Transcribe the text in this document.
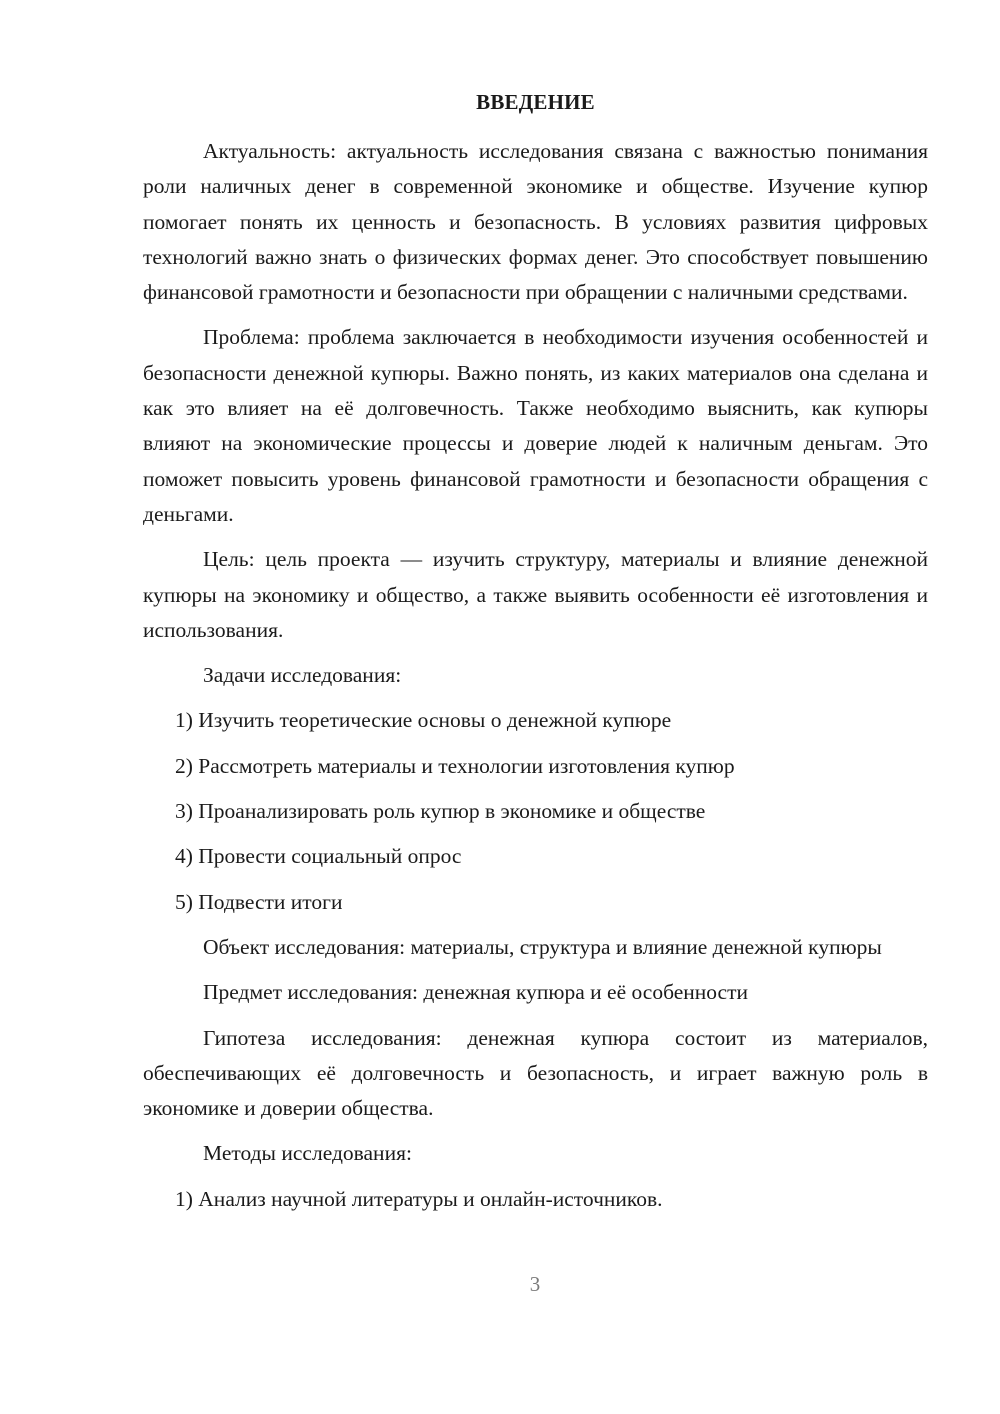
ВВЕДЕНИЕ

Актуальность: актуальность исследования связана с важностью понимания роли наличных денег в современной экономике и обществе. Изучение купюр помогает понять их ценность и безопасность. В условиях развития цифровых технологий важно знать о физических формах денег. Это способствует повышению финансовой грамотности и безопасности при обращении с наличными средствами.

Проблема: проблема заключается в необходимости изучения особенностей и безопасности денежной купюры. Важно понять, из каких материалов она сделана и как это влияет на её долговечность. Также необходимо выяснить, как купюры влияют на экономические процессы и доверие людей к наличным деньгам. Это поможет повысить уровень финансовой грамотности и безопасности обращения с деньгами.

Цель: цель проекта — изучить структуру, материалы и влияние денежной купюры на экономику и общество, а также выявить особенности её изготовления и использования.

Задачи исследования:
1) Изучить теоретические основы о денежной купюре
2) Рассмотреть материалы и технологии изготовления купюр
3) Проанализировать роль купюр в экономике и обществе
4) Провести социальный опрос
5) Подвести итоги

Объект исследования: материалы, структура и влияние денежной купюры

Предмет исследования: денежная купюра и её особенности

Гипотеза исследования: денежная купюра состоит из материалов, обеспечивающих её долговечность и безопасность, и играет важную роль в экономике и доверии общества.

Методы исследования:
1) Анализ научной литературы и онлайн-источников.
3
